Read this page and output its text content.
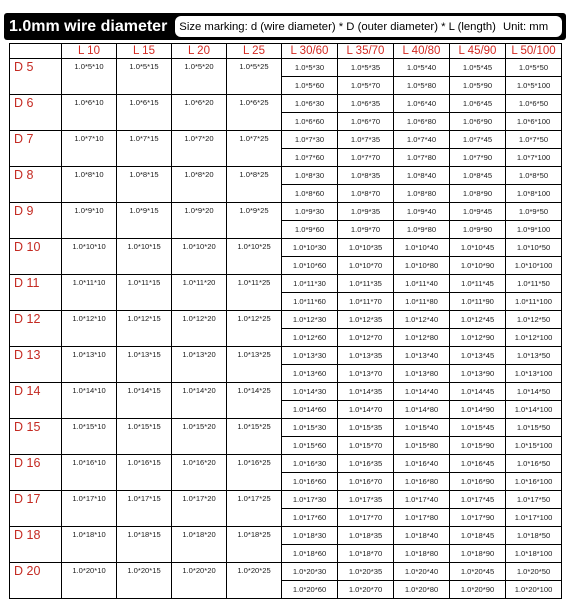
1.0mm wire diameter Size marking: d (wire diameter) * D (outer diameter) * L (length) Unit: mm
	L 10	L 15	L 20	L 25	L 30/60	L 35/70	L 40/80	L 45/90	L 50/100
D 5	1.0*5*10	1.0*5*15	1.0*5*20	1.0*5*25	1.0*5*30	1.0*5*35	1.0*5*40	1.0*5*45	1.0*5*50
					1.0*5*60	1.0*5*70	1.0*5*80	1.0*5*90	1.0*5*100
D 6	1.0*6*10	1.0*6*15	1.0*6*20	1.0*6*25	1.0*6*30	1.0*6*35	1.0*6*40	1.0*6*45	1.0*6*50
					1.0*6*60	1.0*6*70	1.0*6*80	1.0*6*90	1.0*6*100
D 7	1.0*7*10	1.0*7*15	1.0*7*20	1.0*7*25	1.0*7*30	1.0*7*35	1.0*7*40	1.0*7*45	1.0*7*50
					1.0*7*60	1.0*7*70	1.0*7*80	1.0*7*90	1.0*7*100
D 8	1.0*8*10	1.0*8*15	1.0*8*20	1.0*8*25	1.0*8*30	1.0*8*35	1.0*8*40	1.0*8*45	1.0*8*50
					1.0*8*60	1.0*8*70	1.0*8*80	1.0*8*90	1.0*8*100
D 9	1.0*9*10	1.0*9*15	1.0*9*20	1.0*9*25	1.0*9*30	1.0*9*35	1.0*9*40	1.0*9*45	1.0*9*50
					1.0*9*60	1.0*9*70	1.0*9*80	1.0*9*90	1.0*9*100
D 10	1.0*10*10	1.0*10*15	1.0*10*20	1.0*10*25	1.0*10*30	1.0*10*35	1.0*10*40	1.0*10*45	1.0*10*50
					1.0*10*60	1.0*10*70	1.0*10*80	1.0*10*90	1.0*10*100
D 11	1.0*11*10	1.0*11*15	1.0*11*20	1.0*11*25	1.0*11*30	1.0*11*35	1.0*11*40	1.0*11*45	1.0*11*50
					1.0*11*60	1.0*11*70	1.0*11*80	1.0*11*90	1.0*11*100
D 12	1.0*12*10	1.0*12*15	1.0*12*20	1.0*12*25	1.0*12*30	1.0*12*35	1.0*12*40	1.0*12*45	1.0*12*50
					1.0*12*60	1.0*12*70	1.0*12*80	1.0*12*90	1.0*12*100
D 13	1.0*13*10	1.0*13*15	1.0*13*20	1.0*13*25	1.0*13*30	1.0*13*35	1.0*13*40	1.0*13*45	1.0*13*50
					1.0*13*60	1.0*13*70	1.0*13*80	1.0*13*90	1.0*13*100
D 14	1.0*14*10	1.0*14*15	1.0*14*20	1.0*14*25	1.0*14*30	1.0*14*35	1.0*14*40	1.0*14*45	1.0*14*50
					1.0*14*60	1.0*14*70	1.0*14*80	1.0*14*90	1.0*14*100
D 15	1.0*15*10	1.0*15*15	1.0*15*20	1.0*15*25	1.0*15*30	1.0*15*35	1.0*15*40	1.0*15*45	1.0*15*50
					1.0*15*60	1.0*15*70	1.0*15*80	1.0*15*90	1.0*15*100
D 16	1.0*16*10	1.0*16*15	1.0*16*20	1.0*16*25	1.0*16*30	1.0*16*35	1.0*16*40	1.0*16*45	1.0*16*50
					1.0*16*60	1.0*16*70	1.0*16*80	1.0*16*90	1.0*16*100
D 17	1.0*17*10	1.0*17*15	1.0*17*20	1.0*17*25	1.0*17*30	1.0*17*35	1.0*17*40	1.0*17*45	1.0*17*50
					1.0*17*60	1.0*17*70	1.0*17*80	1.0*17*90	1.0*17*100
D 18	1.0*18*10	1.0*18*15	1.0*18*20	1.0*18*25	1.0*18*30	1.0*18*35	1.0*18*40	1.0*18*45	1.0*18*50
					1.0*18*60	1.0*18*70	1.0*18*80	1.0*18*90	1.0*18*100
D 20	1.0*20*10	1.0*20*15	1.0*20*20	1.0*20*25	1.0*20*30	1.0*20*35	1.0*20*40	1.0*20*45	1.0*20*50
					1.0*20*60	1.0*20*70	1.0*20*80	1.0*20*90	1.0*20*100
